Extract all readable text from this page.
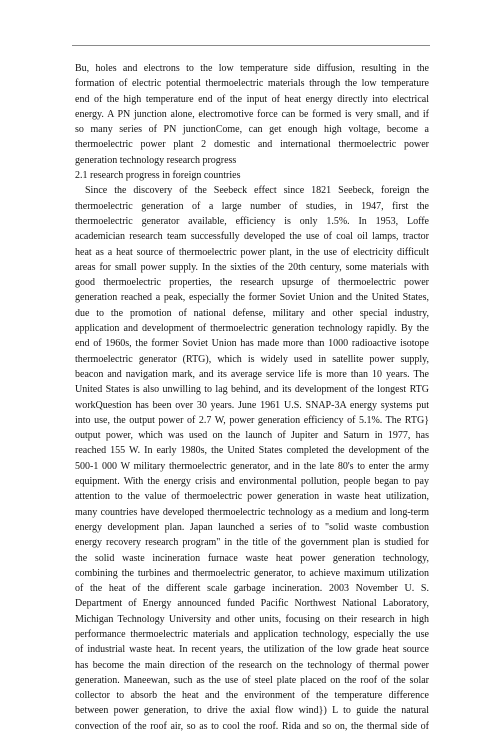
Bu, holes and electrons to the low temperature side diffusion, resulting in the
formation of electric potential thermoelectric materials through the low temperature
end of the high temperature end of the input of heat energy directly into electrical
energy. A PN junction alone, electromotive force can be formed is very small, and if
so many series of PN junctionCome, can get enough high voltage, become a
thermoelectric power plant 2 domestic and international thermoelectric power
generation technology research progress
2.1 research progress in foreign countries
Since the discovery of the Seebeck effect since 1821 Seebeck, foreign the
thermoelectric generation of a large number of studies, in 1947, first the
thermoelectric generator available, efficiency is only 1.5%. In 1953, Loffe
academician research team successfully developed the use of coal oil lamps, tractor
heat as a heat source of thermoelectric power plant, in the use of electricity difficult
areas for small power supply. In the sixties of the 20th century, some materials with
good thermoelectric properties, the research upsurge of thermoelectric power
generation reached a peak, especially the former Soviet Union and the United States,
due to the promotion of national defense, military and other special industry,
application and development of thermoelectric generation technology rapidly. By the
end of 1960s, the former Soviet Union has made more than 1000 radioactive isotope
thermoelectric generator (RTG), which is widely used in satellite power supply,
beacon and navigation mark, and its average service life is more than 10 years. The
United States is also unwilling to lag behind, and its development of the longest RTG
workQuestion has been over 30 years. June 1961 U.S. SNAP-3A energy systems put
into use, the output power of 2.7 W, power generation efficiency of 5.1%. The RTG}
output power, which was used on the launch of Jupiter and Saturn in 1977, has
reached 155 W. In early 1980s, the United States completed the development of the
500-1 000 W military thermoelectric generator, and in the late 80's to enter the army
equipment. With the energy crisis and environmental pollution, people began to pay
attention to the value of thermoelectric power generation in waste heat utilization,
many countries have developed thermoelectric technology as a medium and long-term
energy development plan. Japan launched a series of to "solid waste combustion
energy recovery research program" in the title of the government plan is studied for
the solid waste incineration furnace waste heat power generation technology,
combining the turbines and thermoelectric generator, to achieve maximum utilization
of the heat of the different scale garbage incineration. 2003 November U. S.
Department of Energy announced funded Pacific Northwest National Laboratory,
Michigan Technology University and other units, focusing on their research in high
performance thermoelectric materials and application technology, especially the use
of industrial waste heat. In recent years, the utilization of the low grade heat source
has become the main direction of the research on the technology of thermal power
generation. Maneewan, such as the use of steel plate placed on the roof of the solar
collector to absorb the heat and the environment of the temperature difference
between power generation, to drive the axial flow wind}) L to guide the natural
convection of the roof air, so as to cool the roof. Rida and so on, the thermal side of
